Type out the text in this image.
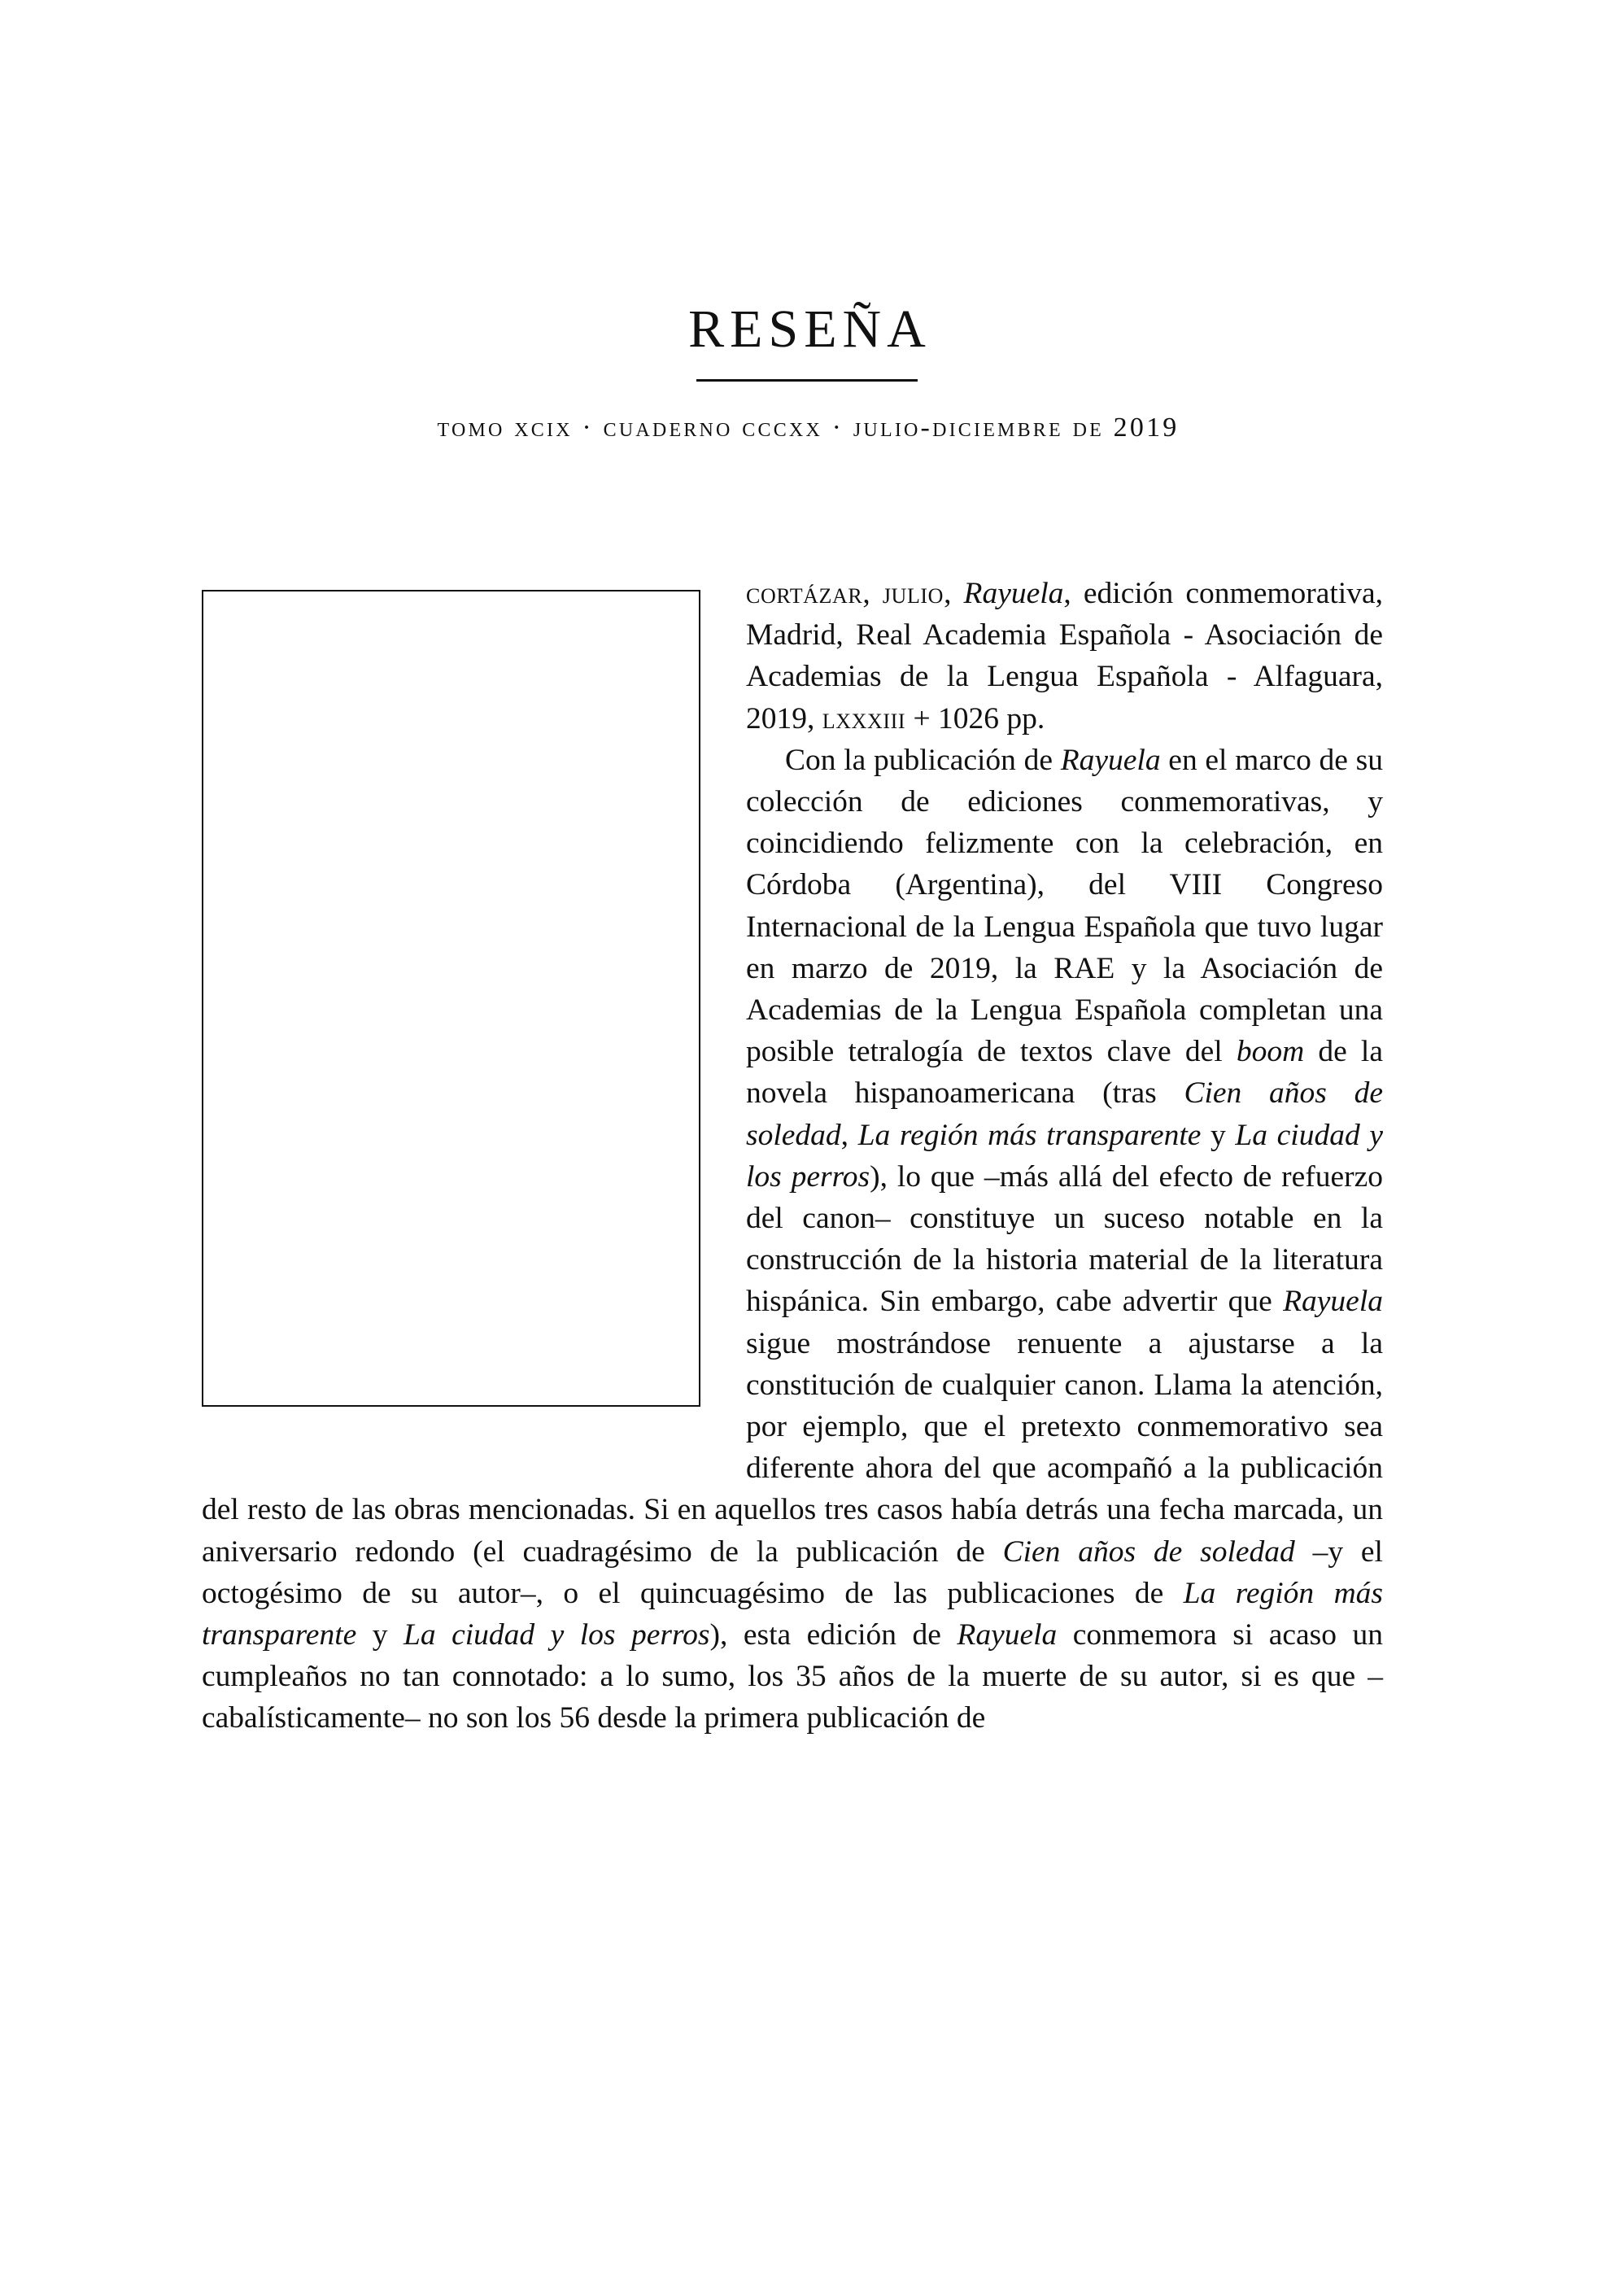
RESEÑA
tomo xcix · cuaderno cccxx · julio-diciembre de 2019

cortázar, julio, Rayuela, edición conmemorativa, Madrid, Real Academia Española - Asociación de Academias de la Lengua Española - Alfaguara, 2019, lxxxiii + 1026 pp.

Con la publicación de Rayuela en el marco de su colección de ediciones conmemorativas, y coincidiendo felizmente con la celebración, en Córdoba (Argentina), del VIII Congreso Internacional de la Lengua Española que tuvo lugar en marzo de 2019, la RAE y la Asociación de Academias de la Lengua Española completan una posible tetralogía de textos clave del boom de la novela hispanoamericana (tras Cien años de soledad, La región más transparente y La ciudad y los perros), lo que –más allá del efecto de refuerzo del canon– constituye un suceso notable en la construcción de la historia material de la literatura hispánica. Sin embargo, cabe advertir que Rayuela sigue mostrándose renuente a ajustarse a la constitución de cualquier canon. Llama la atención, por ejemplo, que el pretexto conmemorativo sea diferente ahora del que acompañó a la publicación del resto de las obras mencionadas. Si en aquellos tres casos había detrás una fecha marcada, un aniversario redondo (el cuadragésimo de la publicación de Cien años de soledad –y el octogésimo de su autor–, o el quincuagésimo de las publicaciones de La región más transparente y La ciudad y los perros), esta edición de Rayuela conmemora si acaso un cumpleaños no tan connotado: a lo sumo, los 35 años de la muerte de su autor, si es que –cabalísticamente– no son los 56 desde la primera publicación de
